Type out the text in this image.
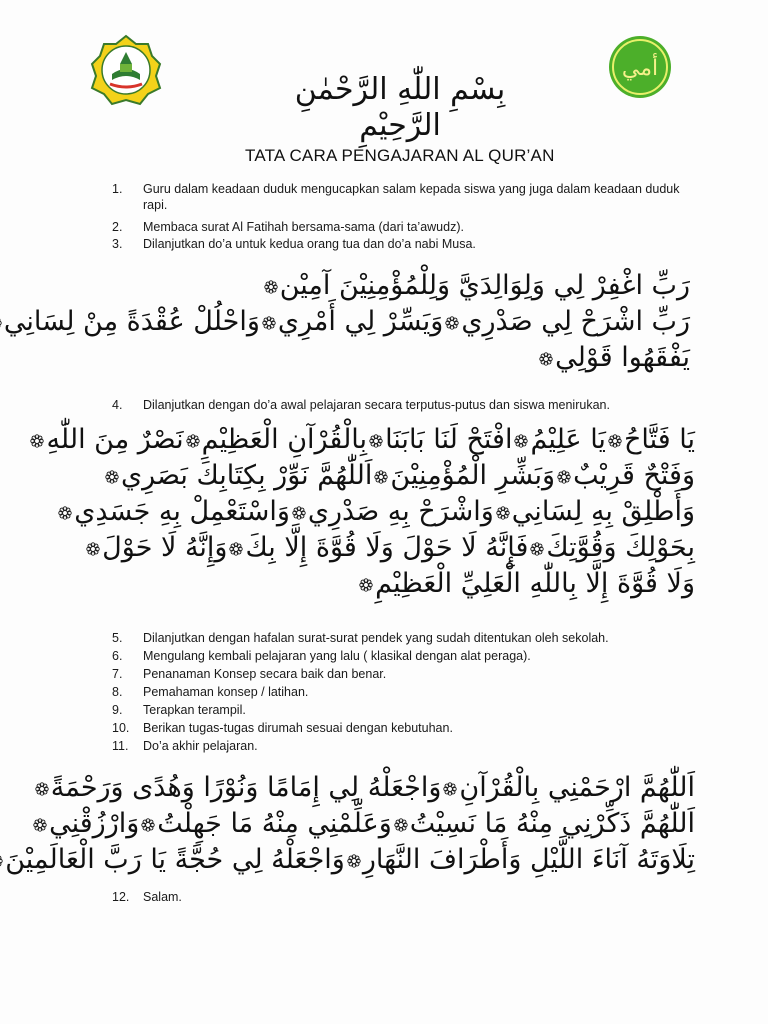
أمي
بِسْمِ اللّٰهِ الرَّحْمٰنِ الرَّحِيْمِ
TATA CARA PENGAJARAN AL QUR’AN
1.	Guru dalam keadaan duduk mengucapkan salam kepada siswa yang juga dalam keadaan duduk rapi.
2.	Membaca surat Al Fatihah bersama-sama (dari ta’awudz).
3.	Dilanjutkan do’a untuk kedua orang tua dan do’a nabi Musa.
رَبِّ اغْفِرْ لِي وَلِوَالِدَيَّ وَلِلْمُؤْمِنِيْنَ آمِيْن
رَبِّ اشْرَحْ لِي صَدْرِيوَيَسِّرْ لِي أَمْرِيوَاحْلُلْ عُقْدَةً مِنْ لِسَانِي
يَفْقَهُوا قَوْلِي
4.	Dilanjutkan dengan do’a awal pelajaran secara terputus-putus dan siswa menirukan.
يَا فَتَّاحُيَا عَلِيْمُافْتَحْ لَنَا بَابَنَابِالْقُرْآنِ الْعَظِيْمِنَصْرٌ مِنَ اللّٰهِ
وَفَتْحٌ قَرِيْبٌوَبَشِّرِ الْمُؤْمِنِيْنَاَللّٰهُمَّ نَوِّرْ بِكِتَابِكَ بَصَرِي
وَأَطْلِقْ بِهِ لِسَانِيوَاشْرَحْ بِهِ صَدْرِيوَاسْتَعْمِلْ بِهِ جَسَدِي
بِحَوْلِكَ وَقُوَّتِكَفَإِنَّهُ لَا حَوْلَ وَلَا قُوَّةَ إِلَّا بِكَوَإِنَّهُ لَا حَوْلَ
وَلَا قُوَّةَ إِلَّا بِاللّٰهِ الْعَلِيِّ الْعَظِيْمِ
5.	Dilanjutkan dengan hafalan surat-surat pendek yang sudah ditentukan oleh sekolah.
6.	Mengulang kembali pelajaran yang lalu ( klasikal dengan alat peraga).
7.	Penanaman Konsep secara baik dan benar.
8.	Pemahaman konsep / latihan.
9.	Terapkan terampil.
10.	Berikan tugas-tugas dirumah sesuai dengan kebutuhan.
11.	Do’a akhir pelajaran.
اَللّٰهُمَّ ارْحَمْنِي بِالْقُرْآنِوَاجْعَلْهُ لِي إِمَامًا وَنُوْرًا وَهُدًى وَرَحْمَةً
اَللّٰهُمَّ ذَكِّرْنِي مِنْهُ مَا نَسِيْتُوَعَلِّمْنِي مِنْهُ مَا جَهِلْتُوَارْزُقْنِي
تِلَاوَتَهُ آنَاءَ اللَّيْلِ وَأَطْرَافَ النَّهَارِوَاجْعَلْهُ لِي حُجَّةً يَا رَبَّ الْعَالَمِيْنَ
12.	Salam.
